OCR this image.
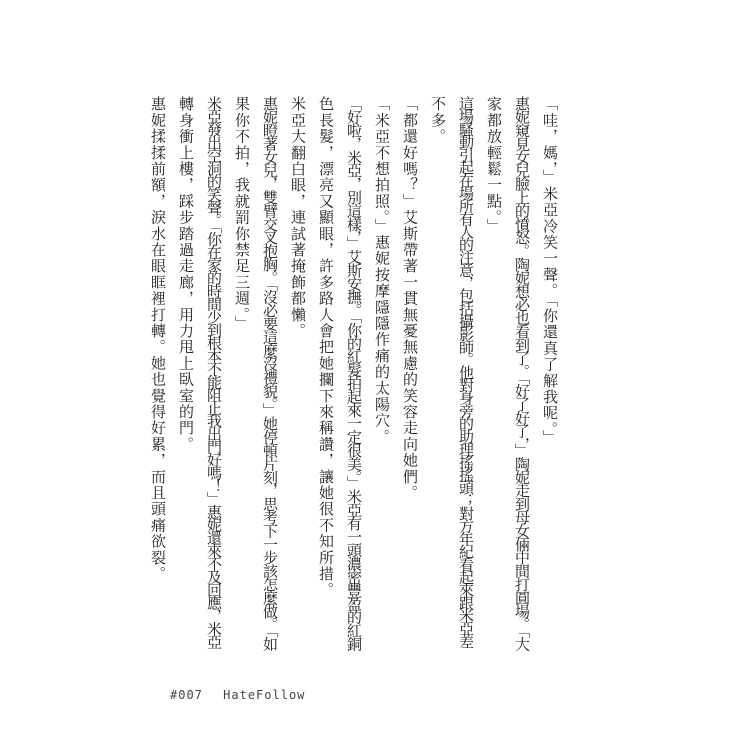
「哇，媽，」米亞冷笑一聲。「你還真了解我呢。」
惠妮窺見女兒臉上的憤怒。陶妮想必也看到了。「好了好了，」陶妮走到母女倆中間打圓場。「大
家都放輕鬆一點。」
這場騷動引起在場所有人的注意，包括攝影師。他對身旁的助理搖搖頭；對方年紀看起來跟米亞差
不多。
「都還好嗎？」艾斯帶著一貫無憂無慮的笑容走向她們。
「米亞不想拍照。」惠妮按摩隱隱作痛的太陽穴。
「好啦，米亞，別這樣，」艾斯安撫。「你的紅髮拍起來一定很美。」米亞有一頭濃密豐盈的紅銅
色長髮，漂亮又顯眼，許多路人會把她攔下來稱讚，讓她很不知所措。
米亞大翻白眼，連試著掩飾都懶。
惠妮瞪著女兒，雙臂交叉抱胸。「沒必要這麼沒禮貌。」她停頓片刻，思考下一步該怎麼做。「如
果你不拍，我就罰你禁足三週。」
米亞發出空洞的笑聲。「你在家的時間少到根本不能阻止我出門好嗎！」惠妮還來不及回應，米亞
轉身衝上樓，踩步踏過走廊，用力甩上臥室的門。
惠妮揉揉前額，淚水在眼眶裡打轉。她也覺得好累，而且頭痛欲裂。
#007 HateFollow
